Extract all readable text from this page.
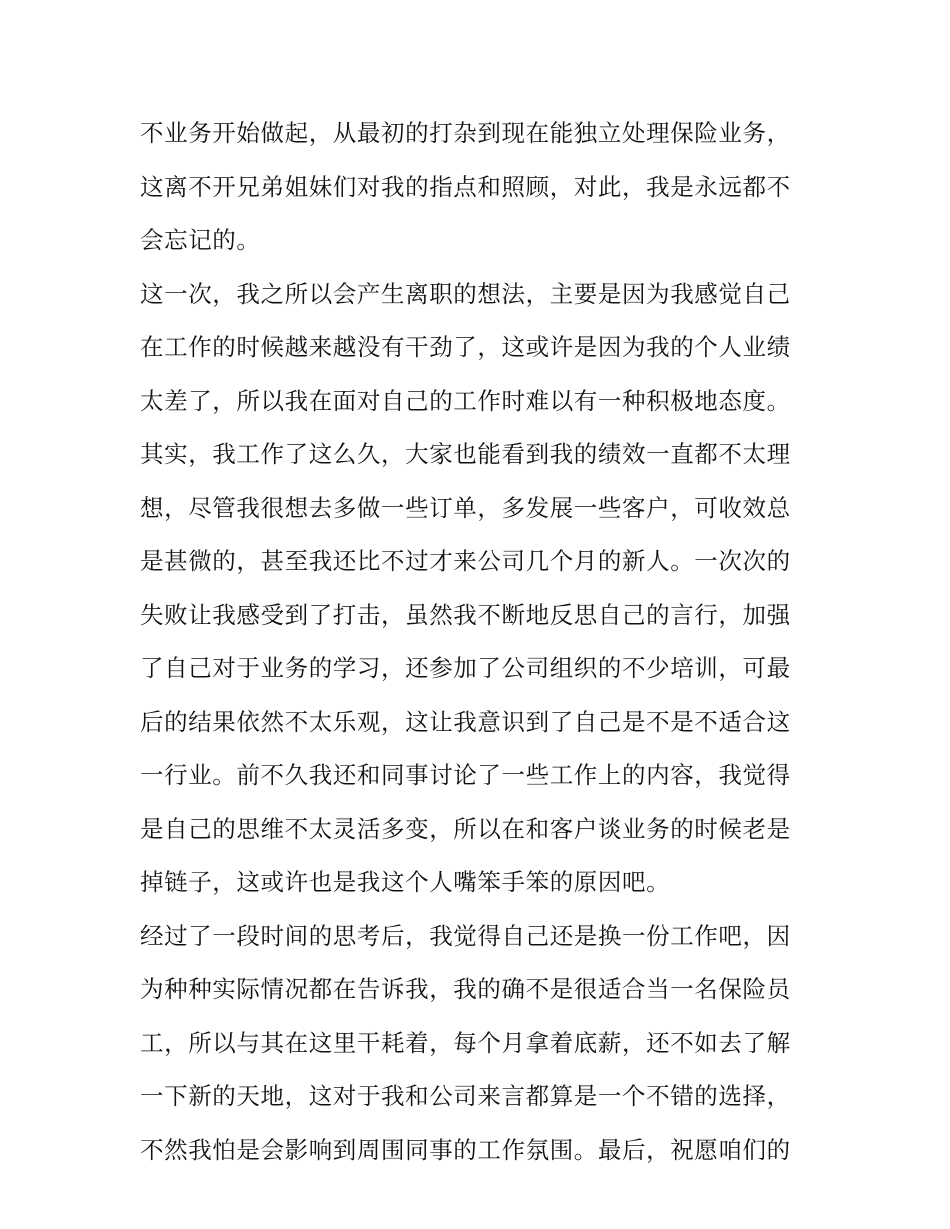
不业务开始做起，从最初的打杂到现在能独立处理保险业务，
这离不开兄弟姐妹们对我的指点和照顾，对此，我是永远都不
会忘记的。
这一次，我之所以会产生离职的想法，主要是因为我感觉自己
在工作的时候越来越没有干劲了，这或许是因为我的个人业绩
太差了，所以我在面对自己的工作时难以有一种积极地态度。
其实，我工作了这么久，大家也能看到我的绩效一直都不太理
想，尽管我很想去多做一些订单，多发展一些客户，可收效总
是甚微的，甚至我还比不过才来公司几个月的新人。一次次的
失败让我感受到了打击，虽然我不断地反思自己的言行，加强
了自己对于业务的学习，还参加了公司组织的不少培训，可最
后的结果依然不太乐观，这让我意识到了自己是不是不适合这
一行业。前不久我还和同事讨论了一些工作上的内容，我觉得
是自己的思维不太灵活多变，所以在和客户谈业务的时候老是
掉链子，这或许也是我这个人嘴笨手笨的原因吧。
经过了一段时间的思考后，我觉得自己还是换一份工作吧，因
为种种实际情况都在告诉我，我的确不是很适合当一名保险员
工，所以与其在这里干耗着，每个月拿着底薪，还不如去了解
一下新的天地，这对于我和公司来言都算是一个不错的选择，
不然我怕是会影响到周围同事的工作氛围。最后，祝愿咱们的
